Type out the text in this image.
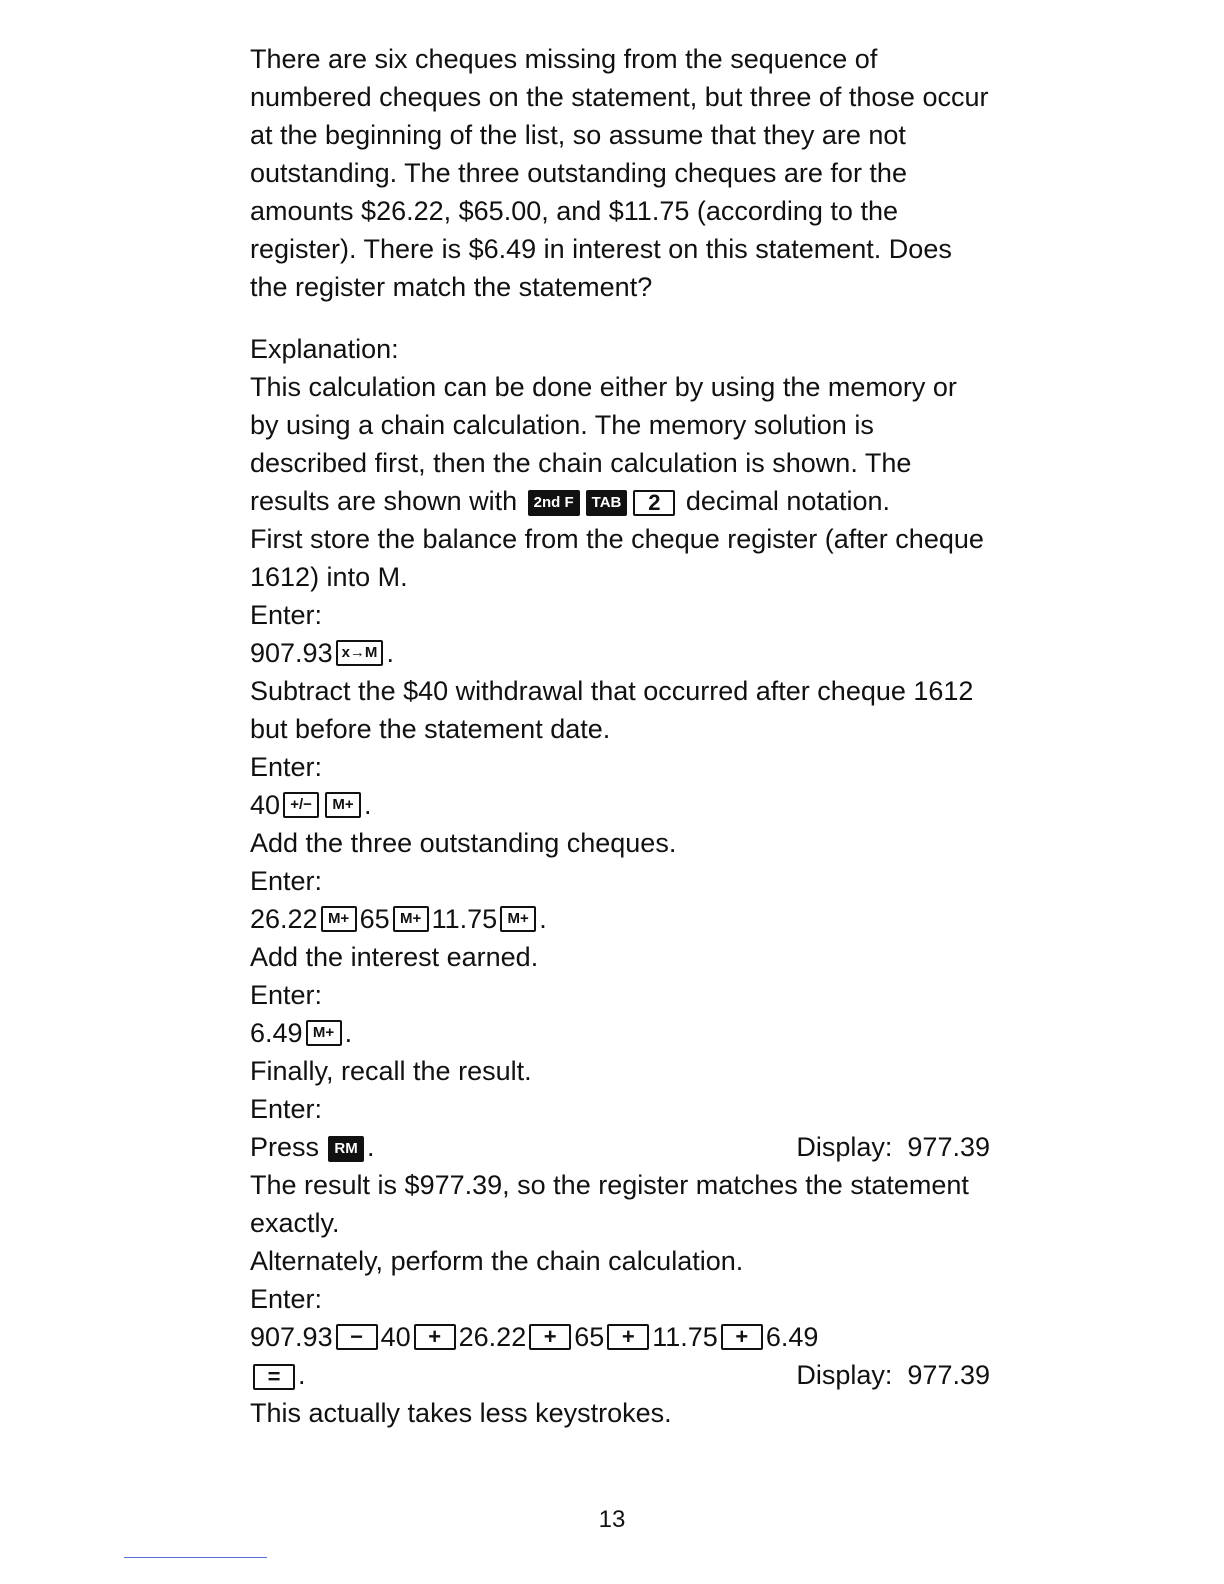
There are six cheques missing from the sequence of numbered cheques on the statement, but three of those occur at the beginning of the list, so assume that they are not outstanding. The three outstanding cheques are for the amounts $26.22, $65.00, and $11.75 (according to the register). There is $6.49 in interest on this statement. Does the register match the statement?

Explanation:

This calculation can be done either by using the memory or by using a chain calculation. The memory solution is described first, then the chain calculation is shown. The results are shown with 2nd F TAB 2 decimal notation.

First store the balance from the cheque register (after cheque 1612) into M.

Enter:
907.93 x→M .

Subtract the $40 withdrawal that occurred after cheque 1612 but before the statement date.

Enter:
40 +/−	M+ .

Add the three outstanding cheques.

Enter:
26.22 M+ 65 M+ 11.75 M+ .

Add the interest earned.

Enter:
6.49 M+ .

Finally, recall the result.

Enter:
Press RM .	Display: 977.39

The result is $977.39, so the register matches the statement exactly.

Alternately, perform the chain calculation.

Enter:
907.93 − 40 + 26.22 + 65 + 11.75 + 6.49
= .	Display: 977.39

This actually takes less keystrokes.

13
